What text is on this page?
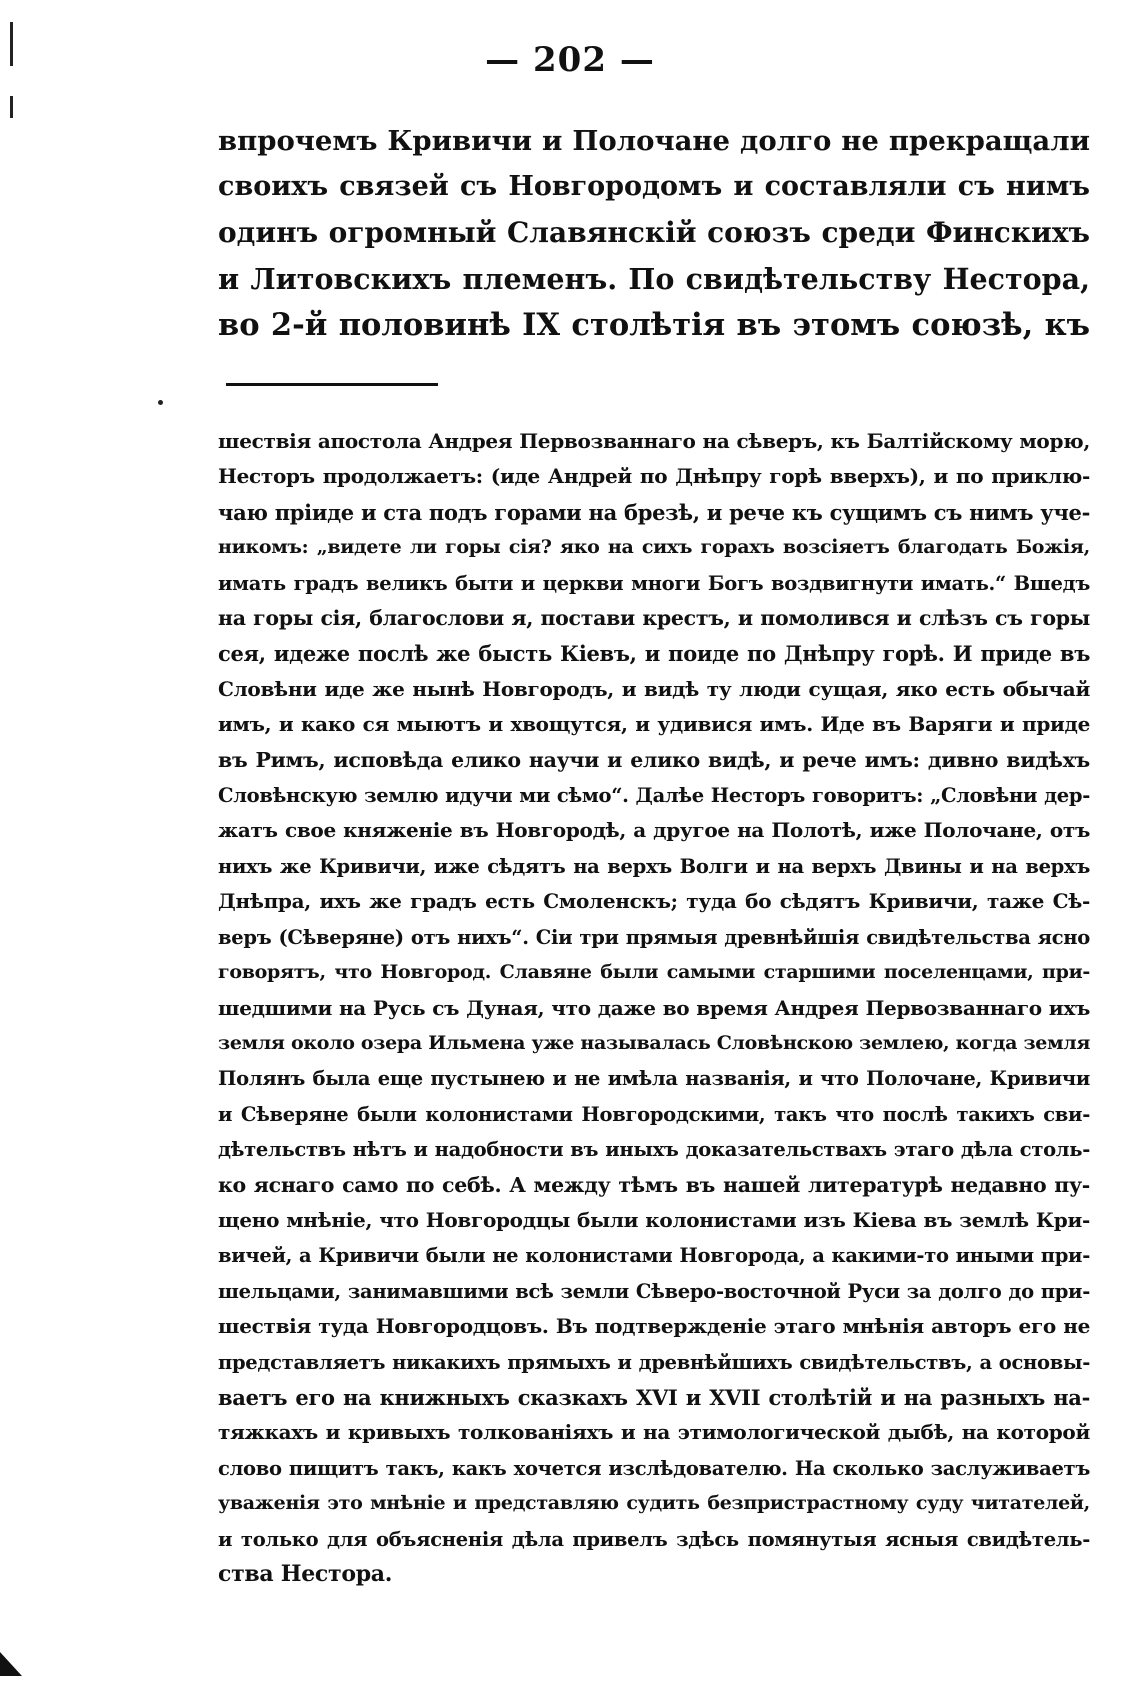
— 202 —
впрочемъ Кривичи и Полочане долго не прекращали
своихъ связей съ Новгородомъ и составляли съ нимъ
одинъ огромный Славянскій союзъ среди Финскихъ
и Литовскихъ племенъ. По свидѣтельству Нестора,
во 2-й половинѣ IX столѣтія въ этомъ союзѣ, къ
шествія апостола Андрея Первозваннаго на сѣверъ, къ Балтійскому морю,
Несторъ продолжаетъ: (иде Андрей по Днѣпру горѣ вверхъ), и по приклю-
чаю пріиде и ста подъ горами на брезѣ, и рече къ сущимъ съ нимъ уче-
никомъ: „видете ли горы сія? яко на сихъ горахъ возсіяетъ благодать Божія,
имать градъ великъ быти и церкви многи Богъ воздвигнути имать.“ Вшедъ
на горы сія, благослови я, постави крестъ, и помолився и слѣзъ съ горы
сея, идеже послѣ же бысть Кіевъ, и поиде по Днѣпру горѣ. И приде въ
Словѣни иде же нынѣ Новгородъ, и видѣ ту люди сущая, яко есть обычай
имъ, и како ся мыютъ и хвощутся, и удивися имъ. Иде въ Варяги и приде
въ Римъ, исповѣда елико научи и елико видѣ, и рече имъ: дивно видѣхъ
Словѣнскую землю идучи ми сѣмо“. Далѣе Несторъ говоритъ: „Словѣни дер-
жатъ свое княженіе въ Новгородѣ, а другое на Полотѣ, иже Полочане, отъ
нихъ же Кривичи, иже сѣдятъ на верхъ Волги и на верхъ Двины и на верхъ
Днѣпра, ихъ же градъ есть Смоленскъ; туда бо сѣдятъ Кривичи, таже Сѣ-
веръ (Сѣверяне) отъ нихъ“. Сіи три прямыя древнѣйшія свидѣтельства ясно
говорятъ, что Новгород. Славяне были самыми старшими поселенцами, при-
шедшими на Русь съ Дуная, что даже во время Андрея Первозваннаго ихъ
земля около озера Ильмена уже называлась Словѣнскою землею, когда земля
Полянъ была еще пустынею и не имѣла названія, и что Полочане, Кривичи
и Сѣверяне были колонистами Новгородскими, такъ что послѣ такихъ сви-
дѣтельствъ нѣтъ и надобности въ иныхъ доказательствахъ этаго дѣла столь-
ко яснаго само по себѣ. А между тѣмъ въ нашей литературѣ недавно пу-
щено мнѣніе, что Новгородцы были колонистами изъ Кіева въ землѣ Кри-
вичей, а Кривичи были не колонистами Новгорода, а какими-то иными при-
шельцами, занимавшими всѣ земли Сѣверо-восточной Руси за долго до при-
шествія туда Новгородцовъ. Въ подтвержденіе этаго мнѣнія авторъ его не
представляетъ никакихъ прямыхъ и древнѣйшихъ свидѣтельствъ, а основы-
ваетъ его на книжныхъ сказкахъ XVI и XVII столѣтій и на разныхъ на-
тяжкахъ и кривыхъ толкованіяхъ и на этимологической дыбѣ, на которой
слово пищитъ такъ, какъ хочется изслѣдователю. На сколько заслуживаетъ
уваженія это мнѣніе и представляю судить безпристрастному суду читателей,
и только для объясненія дѣла привелъ здѣсь помянутыя ясныя свидѣтель-
ства Нестора.
